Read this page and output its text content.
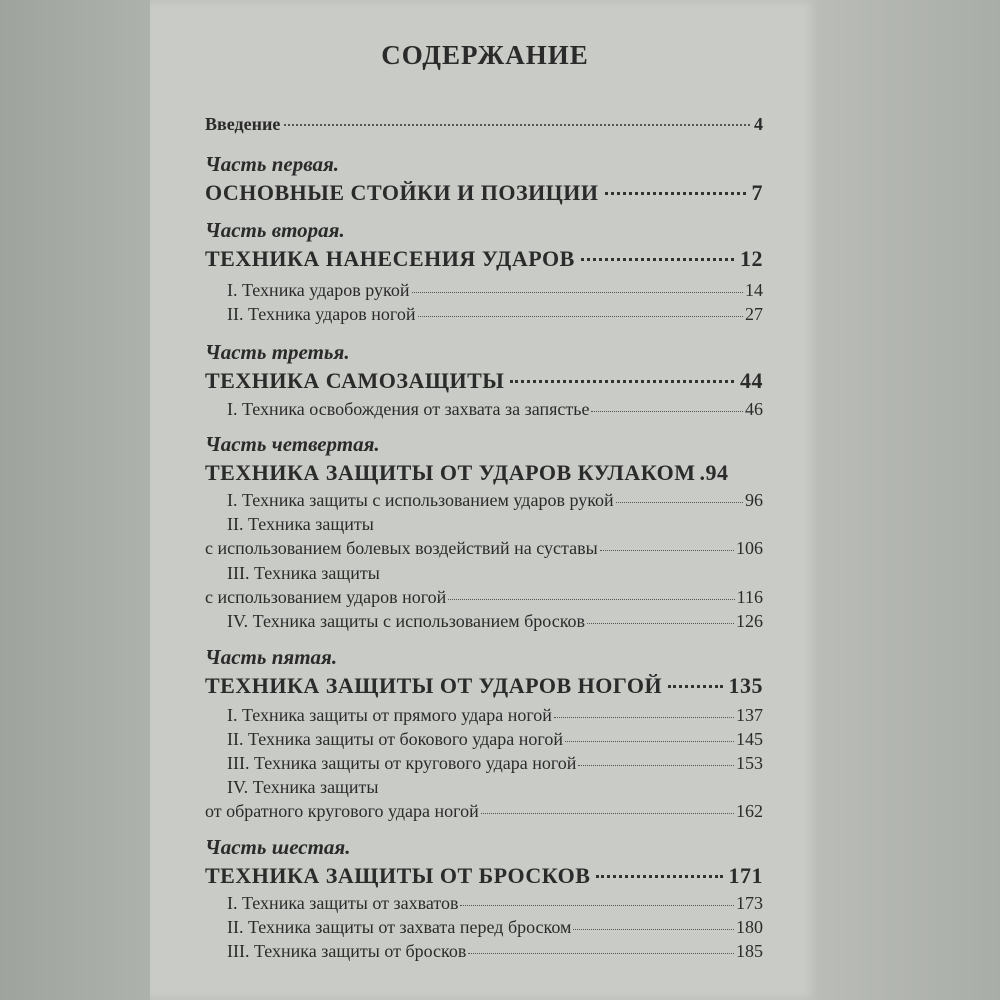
СОДЕРЖАНИЕ
Введение	4
Часть первая.
ОСНОВНЫЕ СТОЙКИ И ПОЗИЦИИ	7
Часть вторая.
ТЕХНИКА НАНЕСЕНИЯ УДАРОВ	12
I. Техника ударов рукой	14
II. Техника ударов ногой	27
Часть третья.
ТЕХНИКА САМОЗАЩИТЫ	44
I. Техника освобождения от захвата за запястье	46
Часть четвертая.
ТЕХНИКА ЗАЩИТЫ ОТ УДАРОВ КУЛАКОМ .94
I. Техника защиты с использованием ударов рукой	96
II. Техника защиты
с использованием болевых воздействий на суставы	106
III. Техника защиты
с использованием ударов ногой	116
IV. Техника защиты с использованием бросков	126
Часть пятая.
ТЕХНИКА ЗАЩИТЫ ОТ УДАРОВ НОГОЙ	135
I. Техника защиты от прямого удара ногой	137
II. Техника защиты от бокового удара ногой	145
III. Техника защиты от кругового удара ногой	153
IV. Техника защиты
от обратного кругового удара ногой	162
Часть шестая.
ТЕХНИКА ЗАЩИТЫ ОТ БРОСКОВ	171
I. Техника защиты от захватов	173
II. Техника защиты от захвата перед броском	180
III. Техника защиты от бросков	185
